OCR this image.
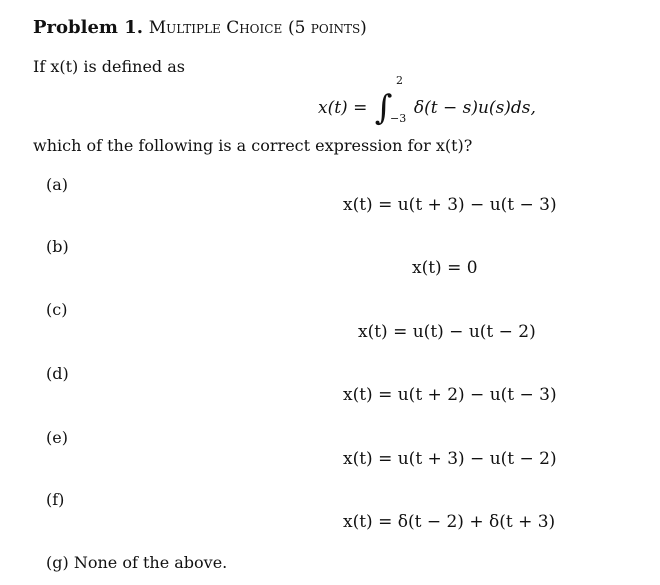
Problem 1. Multiple Choice (5 points)
If x(t) is defined as
x(t) = ∫
2
−3
δ(t − s)u(s)ds,
which of the following is a correct expression for x(t)?
(a)
x(t) = u(t + 3) − u(t − 3)
(b)
x(t) = 0
(c)
x(t) = u(t) − u(t − 2)
(d)
x(t) = u(t + 2) − u(t − 3)
(e)
x(t) = u(t + 3) − u(t − 2)
(f)
x(t) = δ(t − 2) + δ(t + 3)
(g) None of the above.
